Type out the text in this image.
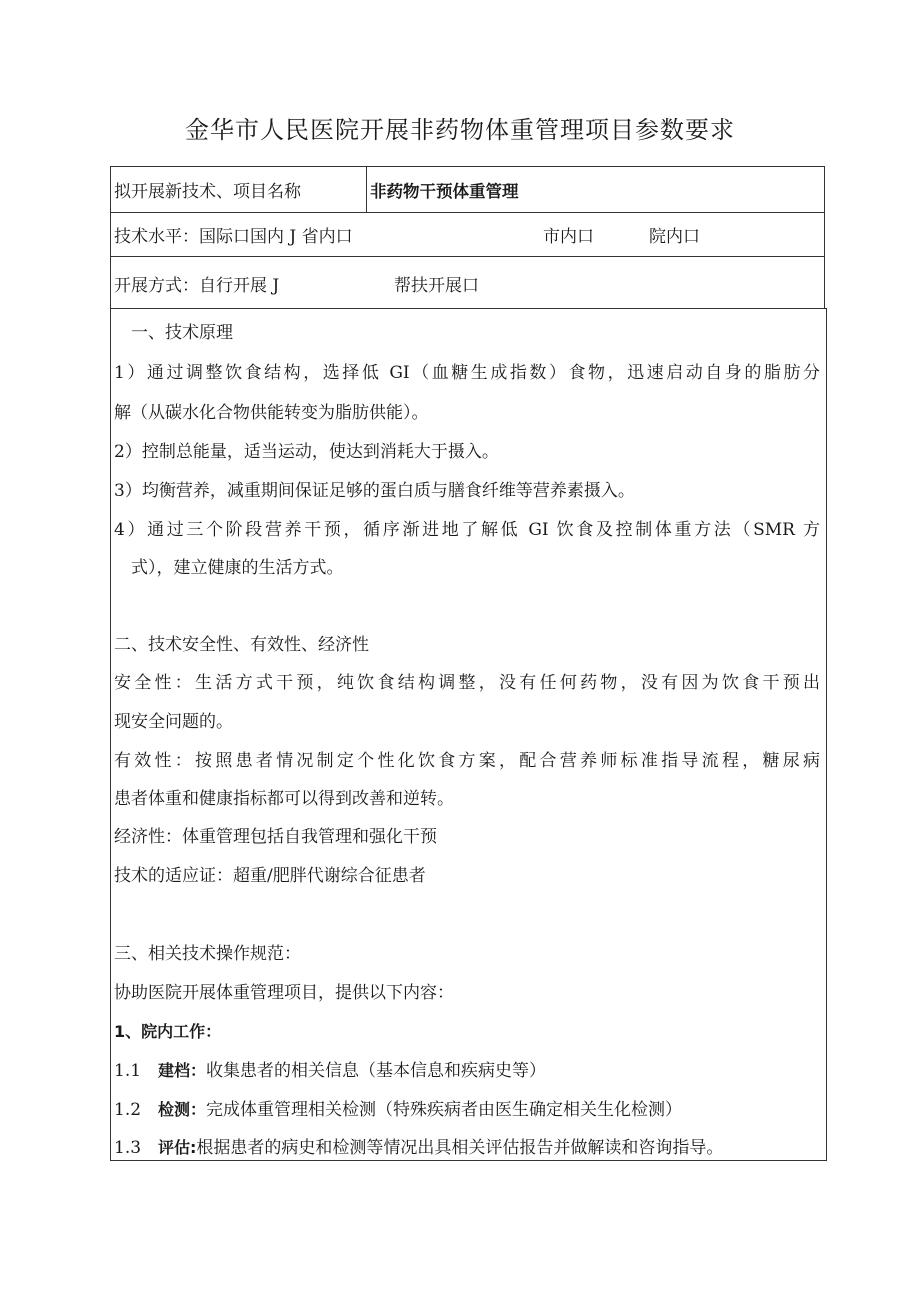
金华市人民医院开展非药物体重管理项目参数要求
拟开展新技术、项目名称	非药物干预体重管理
技术水平：国际口国内 J 省内口	市内口	院内口
开展方式：自行开展 J	帮扶开展口
一、技术原理
1）通过调整饮食结构，选择低 GI（血糖生成指数）食物，迅速启动自身的脂肪分
解（从碳水化合物供能转变为脂肪供能）。
2）控制总能量，适当运动，使达到消耗大于摄入。
3）均衡营养，减重期间保证足够的蛋白质与膳食纤维等营养素摄入。
4）通过三个阶段营养干预，循序渐进地了解低 GI 饮食及控制体重方法（SMR 方
式），建立健康的生活方式。
二、技术安全性、有效性、经济性
安全性：生活方式干预，纯饮食结构调整，没有任何药物，没有因为饮食干预出
现安全问题的。
有效性：按照患者情况制定个性化饮食方案，配合营养师标准指导流程，糖尿病
患者体重和健康指标都可以得到改善和逆转。
经济性：体重管理包括自我管理和强化干预
技术的适应证：超重/肥胖代谢综合征患者
三、相关技术操作规范：
协助医院开展体重管理项目，提供以下内容：
1、院内工作：
1.1 建档：收集患者的相关信息（基本信息和疾病史等）
1.2 检测：完成体重管理相关检测（特殊疾病者由医生确定相关生化检测）
1.3 评估:根据患者的病史和检测等情况出具相关评估报告并做解读和咨询指导。
